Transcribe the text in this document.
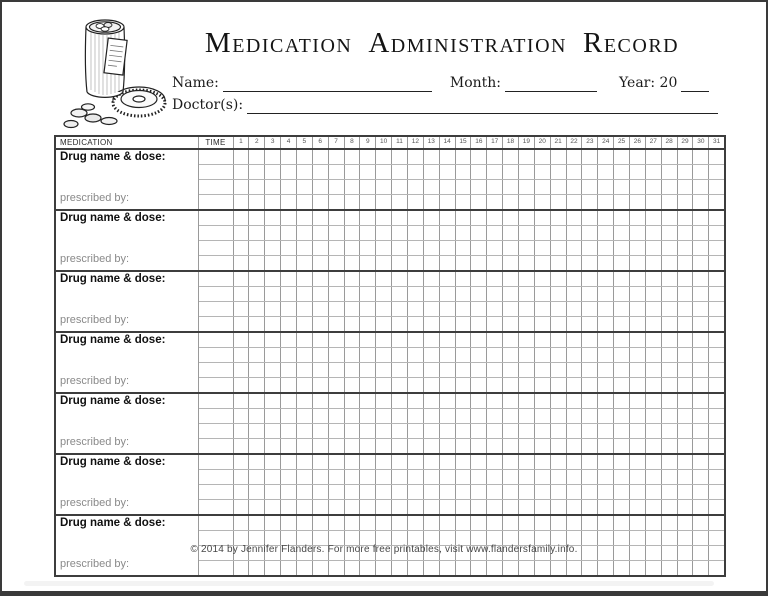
MEDICATION ADMINISTRATION RECORD
Name:	Month:	Year: 20
Doctor(s):
MEDICATION	TIME	1	2	3	4	5	6	7	8	9	10	11	12	13	14	15	16	17	18	19	20	21	22	23	24	25	26	27	28	29	30	31

Drug name & dose:
prescribed by:																																

Drug name & dose:
prescribed by:																																

Drug name & dose:
prescribed by:																																

Drug name & dose:
prescribed by:																																

Drug name & dose:
prescribed by:																																

Drug name & dose:
prescribed by:																																

Drug name & dose:
prescribed by:																																

© 2014 by Jennifer Flanders. For more free printables, visit www.flandersfamily.info.
